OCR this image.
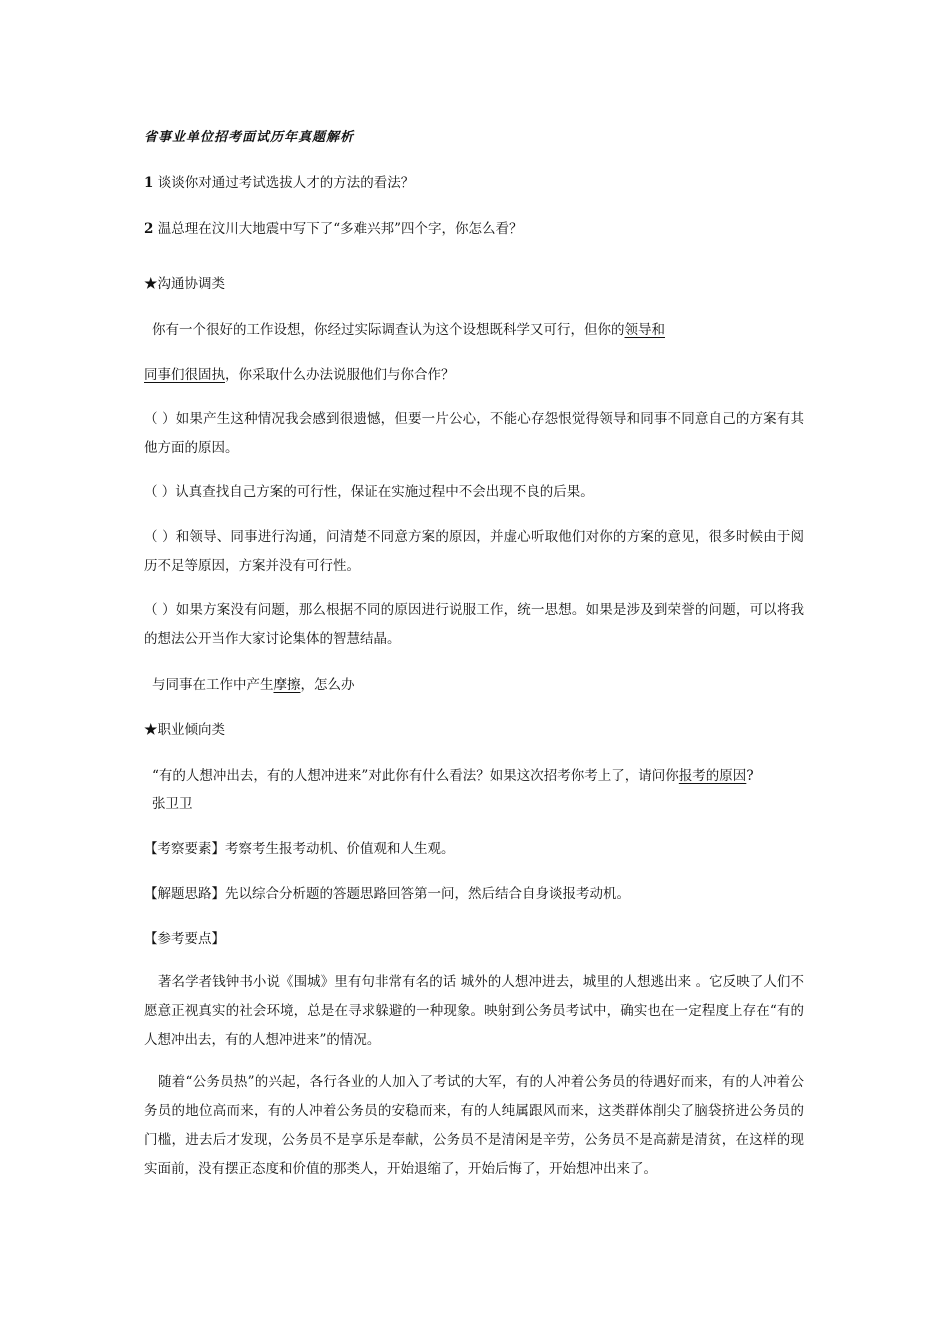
省事业单位招考面试历年真题解析
1 谈谈你对通过考试选拔人才的方法的看法？
2 温总理在汶川大地震中写下了“多难兴邦”四个字，你怎么看？
★沟通协调类
你有一个很好的工作设想，你经过实际调查认为这个设想既科学又可行，但你的领导和
同事们很固执，你采取什么办法说服他们与你合作？
（ ）如果产生这种情况我会感到很遗憾，但要一片公心，不能心存怨恨觉得领导和同事不同意自己的方案有其他方面的原因。
（ ）认真查找自己方案的可行性，保证在实施过程中不会出现不良的后果。
（ ）和领导、同事进行沟通，问清楚不同意方案的原因，并虚心听取他们对你的方案的意见，很多时候由于阅历不足等原因，方案并没有可行性。
（ ）如果方案没有问题，那么根据不同的原因进行说服工作，统一思想。如果是涉及到荣誉的问题，可以将我的想法公开当作大家讨论集体的智慧结晶。
与同事在工作中产生摩擦，怎么办
★职业倾向类
“有的人想冲出去，有的人想冲进来”对此你有什么看法？如果这次招考你考上了，请问你报考的原因?
张卫卫
【考察要素】考察考生报考动机、价值观和人生观。
【解题思路】先以综合分析题的答题思路回答第一问，然后结合自身谈报考动机。
【参考要点】
著名学者钱钟书小说《围城》里有句非常有名的话 城外的人想冲进去，城里的人想逃出来 。它反映了人们不愿意正视真实的社会环境，总是在寻求躲避的一种现象。映射到公务员考试中，确实也在一定程度上存在“有的人想冲出去，有的人想冲进来”的情况。
随着“公务员热”的兴起，各行各业的人加入了考试的大军，有的人冲着公务员的待遇好而来，有的人冲着公务员的地位高而来，有的人冲着公务员的安稳而来，有的人纯属跟风而来，这类群体削尖了脑袋挤进公务员的门槛，进去后才发现，公务员不是享乐是奉献，公务员不是清闲是辛劳，公务员不是高薪是清贫，在这样的现实面前，没有摆正态度和价值的那类人，开始退缩了，开始后悔了，开始想冲出来了。
